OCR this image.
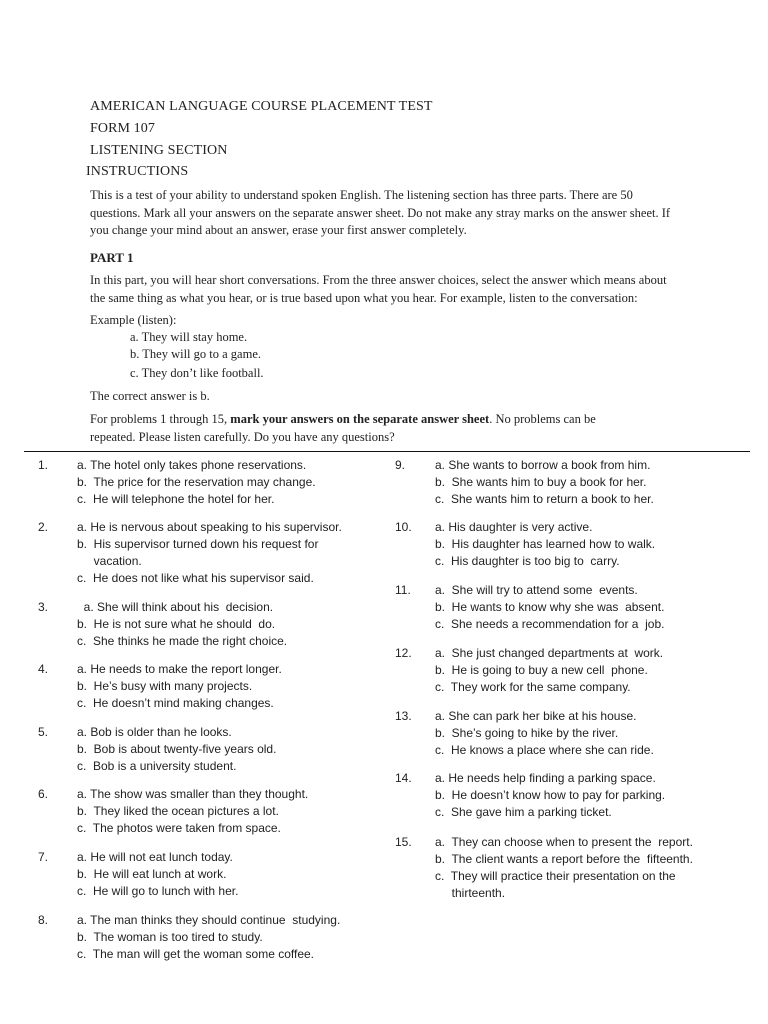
AMERICAN LANGUAGE COURSE PLACEMENT TEST
FORM 107
LISTENING SECTION
INSTRUCTIONS
This is a test of your ability to understand spoken English. The listening section has three parts. There are 50 questions. Mark all your answers on the separate answer sheet. Do not make any stray marks on the answer sheet. If you change your mind about an answer, erase your first answer completely.
PART 1
In this part, you will hear short conversations. From the three answer choices, select the answer which means about the same thing as what you hear, or is true based upon what you hear. For example, listen to the conversation:
Example (listen):
a. They will stay home.
b. They will go to a game.
c. They don’t like football.
The correct answer is b.
For problems 1 through 15, mark your answers on the separate answer sheet. No problems can be repeated. Please listen carefully. Do you have any questions?
1. a. The hotel only takes phone reservations.
b.  The price for the reservation may change.
c.  He will telephone the hotel for her.
2. a. He is nervous about speaking to his supervisor.
b.  His supervisor turned down his request for
vacation.
c.  He does not like what his supervisor said.
3. a. She will think about his  decision.
b.  He is not sure what he should  do.
c.  She thinks he made the right choice.
4. a. He needs to make the report longer.
b.  He’s busy with many projects.
c.  He doesn’t mind making changes.
5. a. Bob is older than he looks.
b.  Bob is about twenty-five years old.
c.  Bob is a university student.
6. a. The show was smaller than they thought.
b.  They liked the ocean pictures a lot.
c.  The photos were taken from space.
7. a. He will not eat lunch today.
b.  He will eat lunch at work.
c.  He will go to lunch with her.
8. a. The man thinks they should continue  studying.
b.  The woman is too tired to study.
c.  The man will get the woman some coffee.
9. a. She wants to borrow a book from him.
b.  She wants him to buy a book for her.
c.  She wants him to return a book to her.
10. a. His daughter is very active.
b.  His daughter has learned how to walk.
c.  His daughter is too big to  carry.
11. a.  She will try to attend some  events.
b.  He wants to know why she was  absent.
c.  She needs a recommendation for a  job.
12. a.  She just changed departments at  work.
b.  He is going to buy a new cell  phone.
c.  They work for the same company.
13. a. She can park her bike at his house.
b.  She’s going to hike by the river.
c.  He knows a place where she can ride.
14. a. He needs help finding a parking space.
b.  He doesn’t know how to pay for parking.
c.  She gave him a parking ticket.
15. a.  They can choose when to present the  report.
b.  The client wants a report before the  fifteenth.
c.  They will practice their presentation on the
thirteenth.
